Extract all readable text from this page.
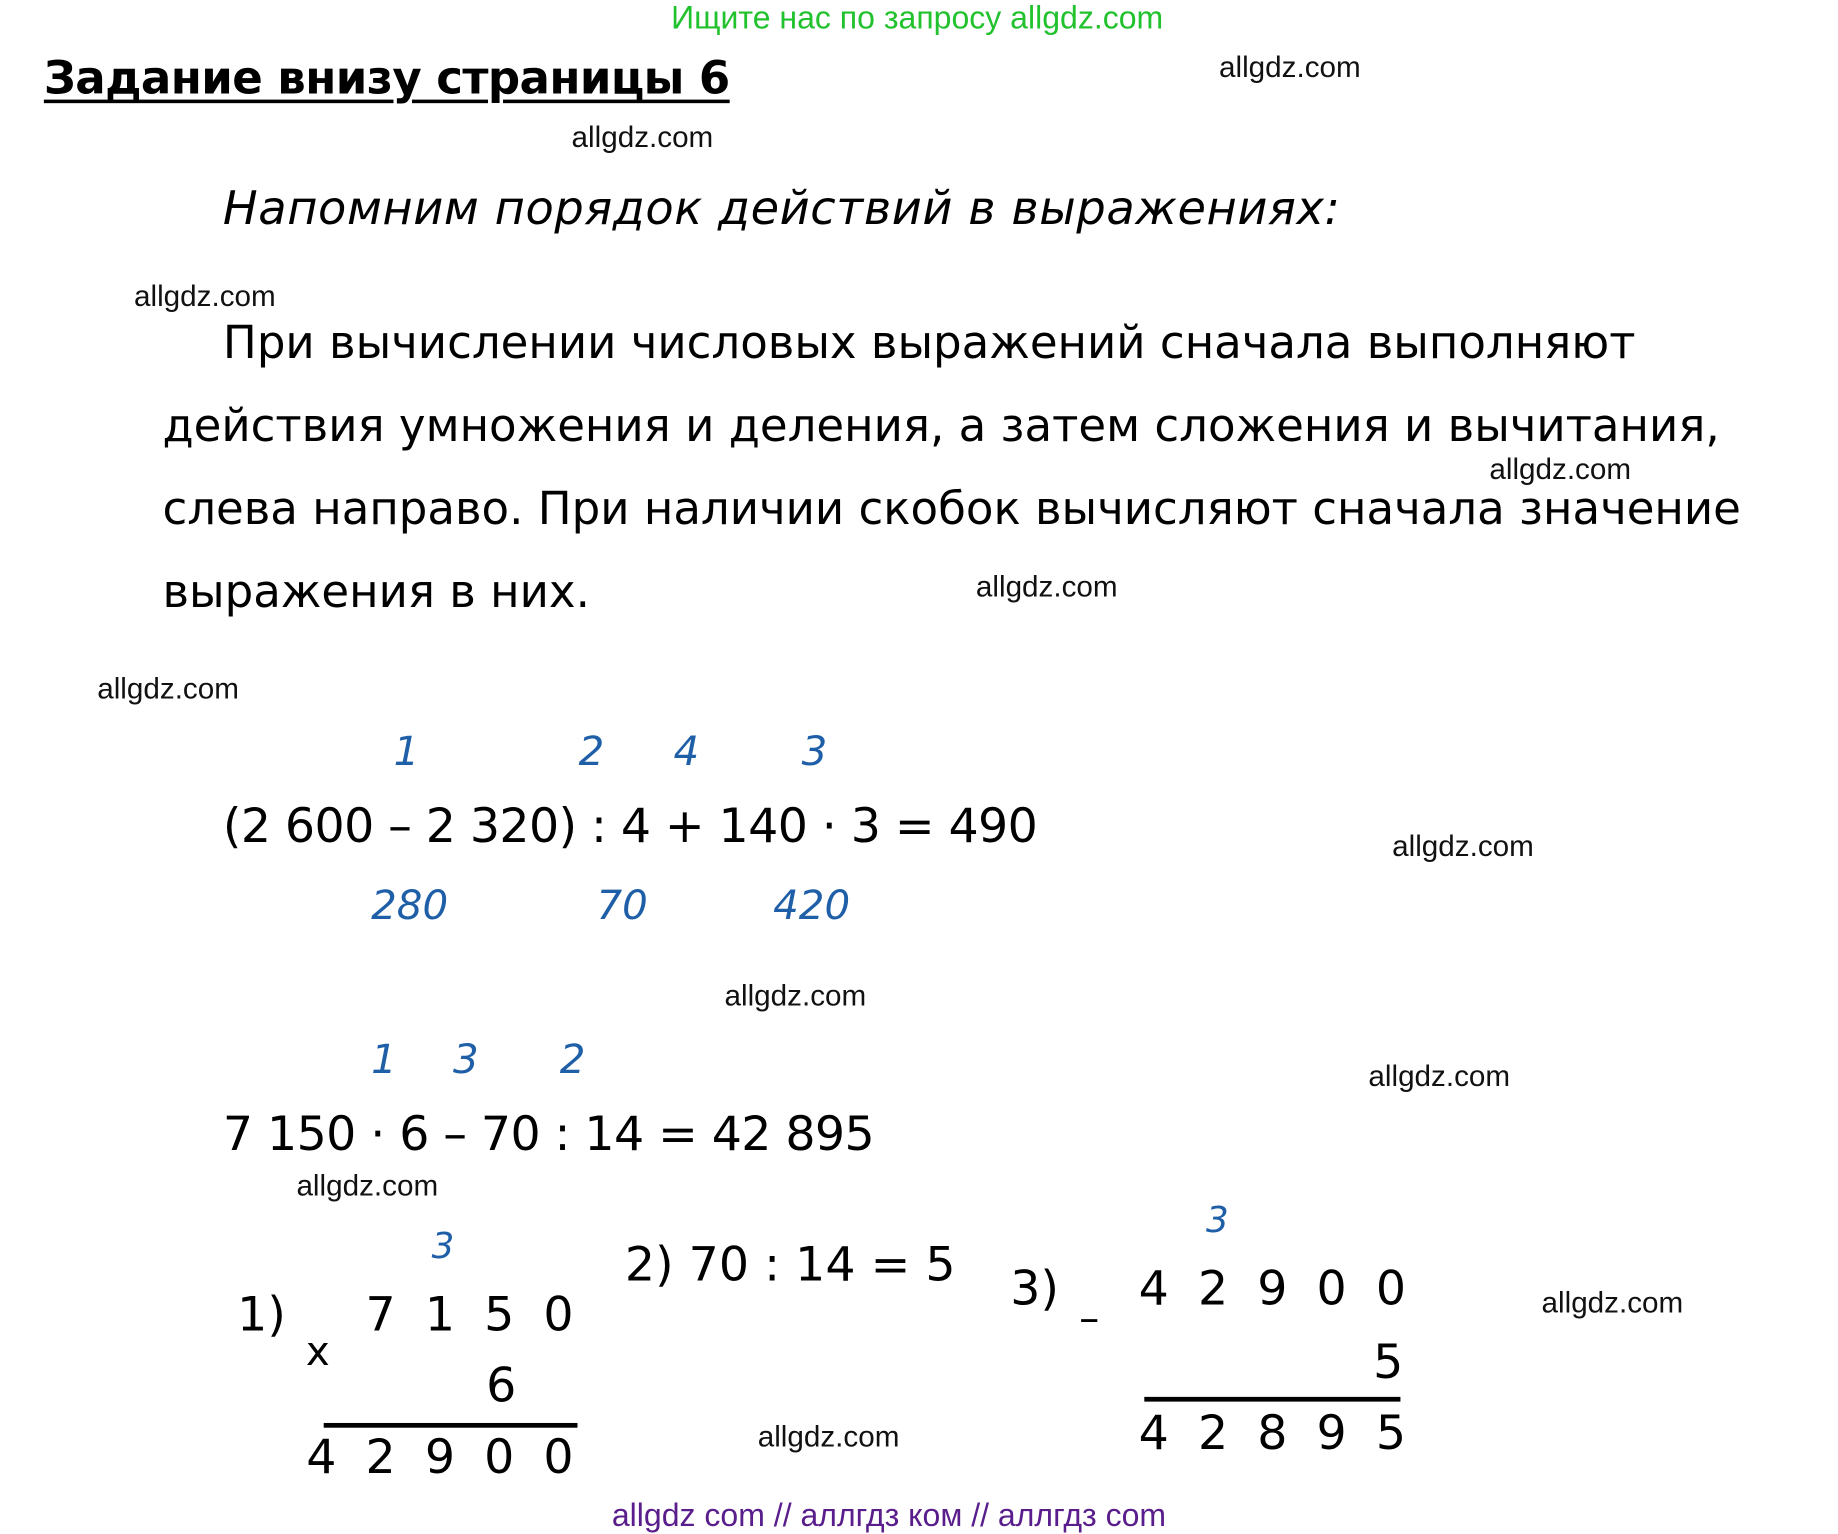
Ищите нас по запросу allgdz.com
Задание внизу страницы 6
Напомним порядок действий в выражениях:
При вычислении числовых выражений сначала выполняют
действия умножения и деления, а затем сложения и вычитания,
слева направо. При наличии скобок вычисляют сначала значение
выражения в них.
1	2 4	3
(2 600 – 2 320) : 4 + 140 · 3 = 490
280	70	420
1 3 2
7 150 · 6 – 70 : 14 = 42 895
3
1)
x
7 1 5 0
6
4 2 9 0 0
2) 70 : 14 = 5
3
3)
–
4 2 9 0 0
5
4 2 8 9 5
allgdz.com
allgdz.com
allgdz.com
allgdz.com
allgdz.com
allgdz.com
allgdz.com
allgdz.com
allgdz.com
allgdz.com
allgdz.com
allgdz.com
allgdz com // аллгдз ком // аллгдз com
